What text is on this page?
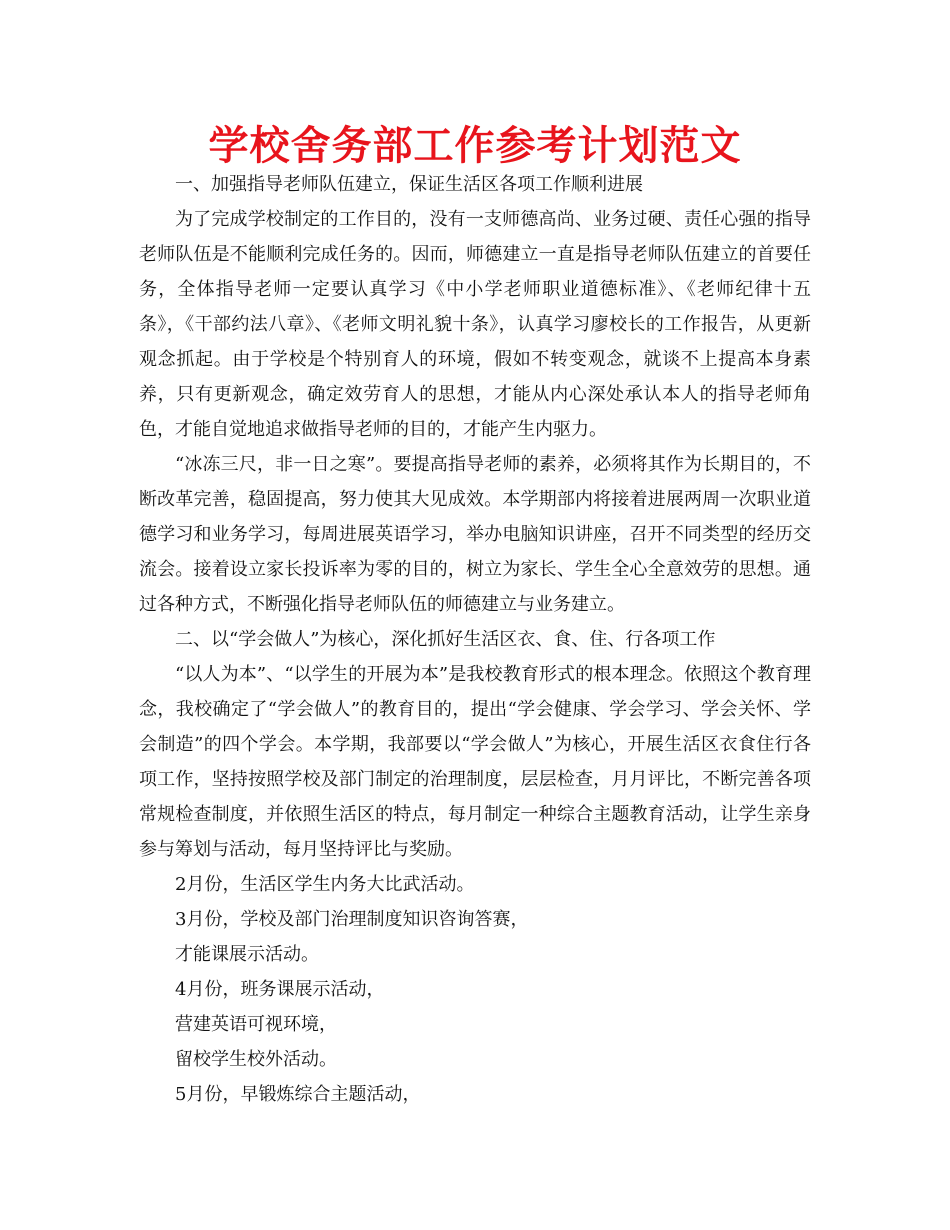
学校舍务部工作参考计划范文

一、加强指导老师队伍建立，保证生活区各项工作顺利进展

为了完成学校制定的工作目的，没有一支师德高尚、业务过硬、责任心强的指导老师队伍是不能顺利完成任务的。因而，师德建立一直是指导老师队伍建立的首要任务，全体指导老师一定要认真学习《中小学老师职业道德标准》、《老师纪律十五条》，《干部约法八章》、《老师文明礼貌十条》，认真学习廖校长的工作报告，从更新观念抓起。由于学校是个特别育人的环境，假如不转变观念，就谈不上提高本身素养，只有更新观念，确定效劳育人的思想，才能从内心深处承认本人的指导老师角色，才能自觉地追求做指导老师的目的，才能产生内驱力。

“冰冻三尺，非一日之寒”。要提高指导老师的素养，必须将其作为长期目的，不断改革完善，稳固提高，努力使其大见成效。本学期部内将接着进展两周一次职业道德学习和业务学习，每周进展英语学习，举办电脑知识讲座，召开不同类型的经历交流会。接着设立家长投诉率为零的目的，树立为家长、学生全心全意效劳的思想。通过各种方式，不断强化指导老师队伍的师德建立与业务建立。

二、以“学会做人”为核心，深化抓好生活区衣、食、住、行各项工作

“以人为本”、“以学生的开展为本”是我校教育形式的根本理念。依照这个教育理念，我校确定了“学会做人”的教育目的，提出“学会健康、学会学习、学会关怀、学会制造”的四个学会。本学期，我部要以“学会做人”为核心，开展生活区衣食住行各项工作，坚持按照学校及部门制定的治理制度，层层检查，月月评比，不断完善各项常规检查制度，并依照生活区的特点，每月制定一种综合主题教育活动，让学生亲身参与筹划与活动，每月坚持评比与奖励。

2月份，生活区学生内务大比武活动。

3月份，学校及部门治理制度知识咨询答赛，

才能课展示活动。

4月份，班务课展示活动，

营建英语可视环境，

留校学生校外活动。

5月份，早锻炼综合主题活动，
